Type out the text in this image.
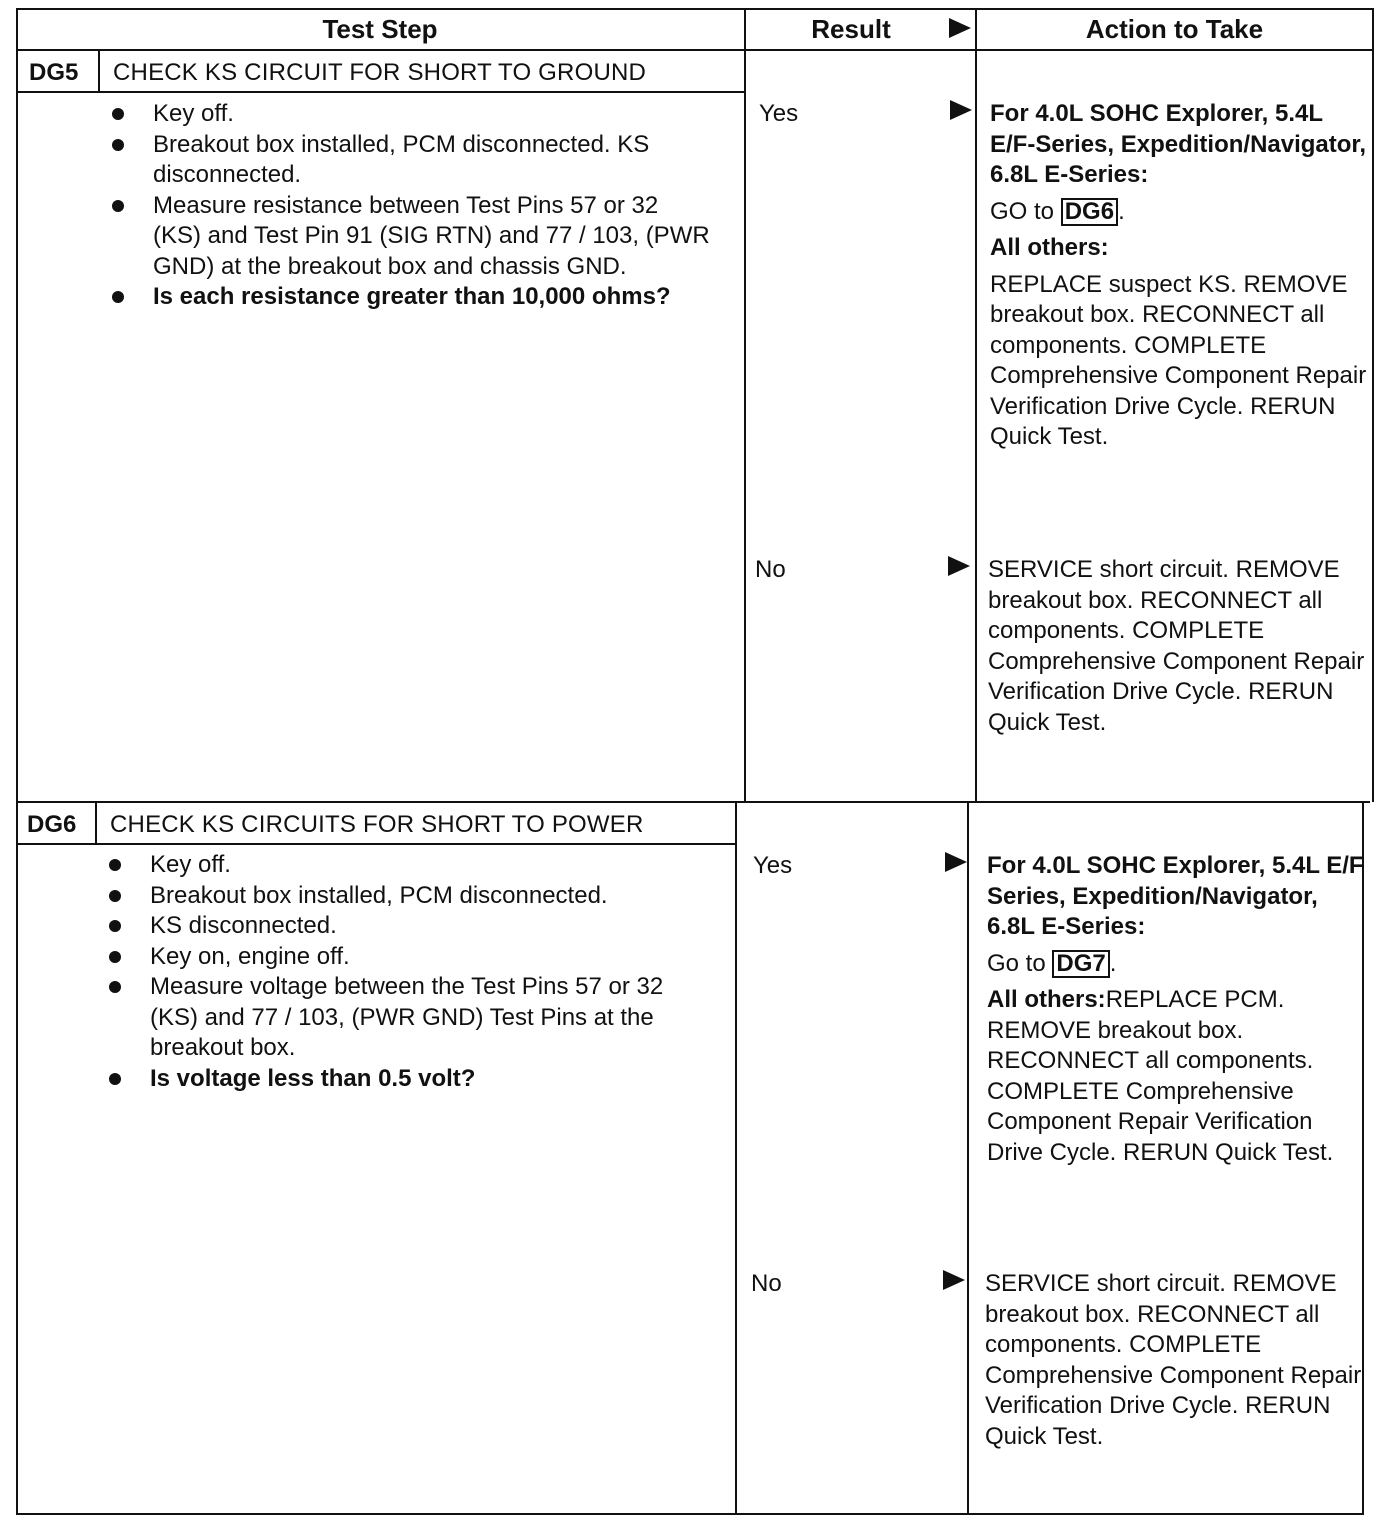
Test Step	Result	Action to Take
DG5 CHECK KS CIRCUIT FOR SHORT TO GROUND
Key off.
Breakout box installed, PCM disconnected. KS disconnected.
Measure resistance between Test Pins 57 or 32 (KS) and Test Pin 91 (SIG RTN) and 77 / 103, (PWR GND) at the breakout box and chassis GND.
Is each resistance greater than 10,000 ohms?
Yes	For 4.0L SOHC Explorer, 5.4L E/F-Series, Expedition/Navigator, 6.8L E-Series:
GO to DG6 .
All others:
REPLACE suspect KS. REMOVE breakout box. RECONNECT all components. COMPLETE Comprehensive Component Repair Verification Drive Cycle. RERUN Quick Test.
No	SERVICE short circuit. REMOVE breakout box. RECONNECT all components. COMPLETE Comprehensive Component Repair Verification Drive Cycle. RERUN Quick Test.
DG6 CHECK KS CIRCUITS FOR SHORT TO POWER
Key off.
Breakout box installed, PCM disconnected.
KS disconnected.
Key on, engine off.
Measure voltage between the Test Pins 57 or 32 (KS) and 77 / 103, (PWR GND) Test Pins at the breakout box.
Is voltage less than 0.5 volt?
Yes	For 4.0L SOHC Explorer, 5.4L E/F Series, Expedition/Navigator, 6.8L E-Series:
Go to DG7 .
All others:REPLACE PCM. REMOVE breakout box. RECONNECT all components. COMPLETE Comprehensive Component Repair Verification Drive Cycle. RERUN Quick Test.
No	SERVICE short circuit. REMOVE breakout box. RECONNECT all components. COMPLETE Comprehensive Component Repair Verification Drive Cycle. RERUN Quick Test.
